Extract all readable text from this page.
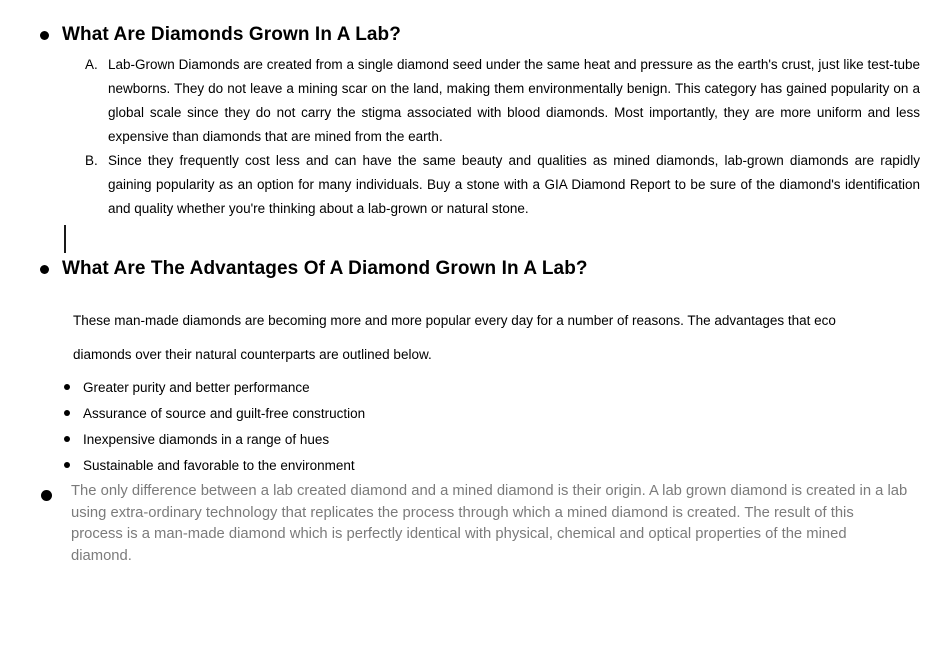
What Are Diamonds Grown In A Lab?
A. Lab-Grown Diamonds are created from a single diamond seed under the same heat and pressure as the earth's crust, just like test-tube newborns. They do not leave a mining scar on the land, making them environmentally benign. This category has gained popularity on a global scale since they do not carry the stigma associated with blood diamonds. Most importantly, they are more uniform and less expensive than diamonds that are mined from the earth.

B. Since they frequently cost less and can have the same beauty and qualities as mined diamonds, lab-grown diamonds are rapidly gaining popularity as an option for many individuals. Buy a stone with a GIA Diamond Report to be sure of the diamond's identification and quality whether you're thinking about a lab-grown or natural stone.

What Are The Advantages Of A Diamond Grown In A Lab?
These man-made diamonds are becoming more and more popular every day for a number of reasons. The advantages that eco
diamonds over their natural counterparts are outlined below.
Greater purity and better performance
Assurance of source and guilt-free construction
Inexpensive diamonds in a range of hues
Sustainable and favorable to the environment

The only difference between a lab created diamond and a mined diamond is their origin. A lab grown diamond is created in a lab using extra-ordinary technology that replicates the process through which a mined diamond is created. The result of this process is a man-made diamond which is perfectly identical with physical, chemical and optical properties of the mined diamond.
